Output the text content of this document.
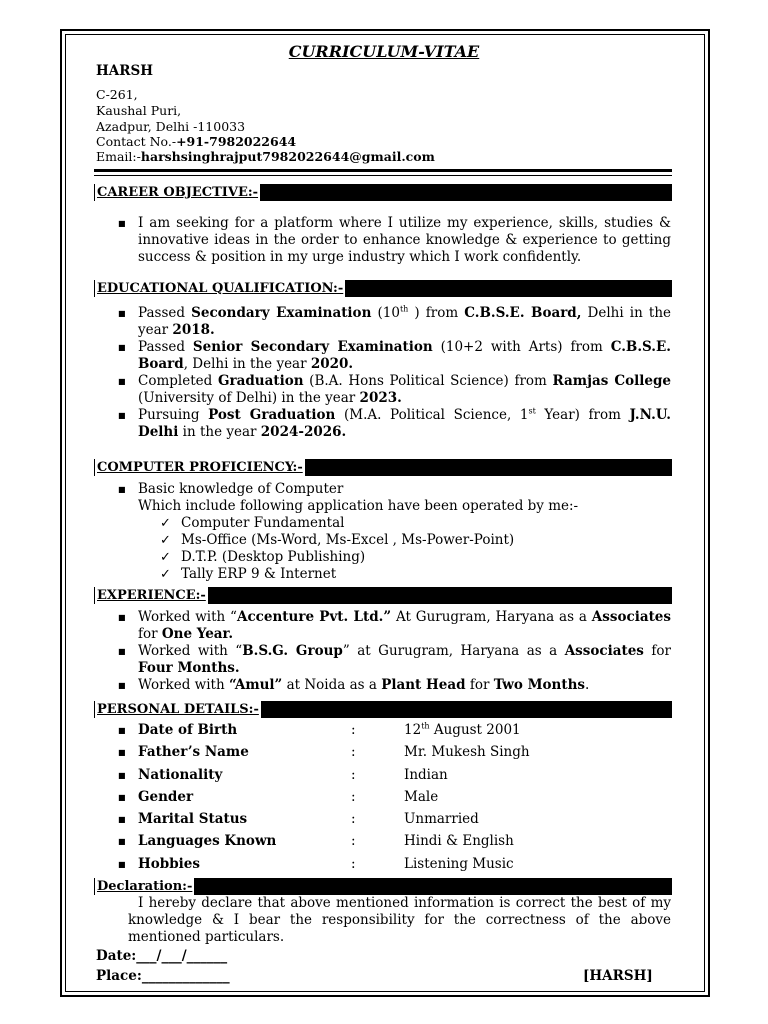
CURRICULUM-VITAE
HARSH
C-261,
Kaushal Puri,
Azadpur, Delhi -110033
Contact No.-+91-7982022644
Email:-harshsinghrajput7982022644@gmail.com
CAREER OBJECTIVE:-
■ I am seeking for a platform where I utilize my experience, skills, studies & innovative ideas in the order to enhance knowledge & experience to getting success & position in my urge industry which I work confidently.
EDUCATIONAL QUALIFICATION:-
■ Passed Secondary Examination (10th ) from C.B.S.E. Board, Delhi in the year 2018.
■ Passed Senior Secondary Examination (10+2 with Arts) from C.B.S.E. Board, Delhi in the year 2020.
■ Completed Graduation (B.A. Hons Political Science) from Ramjas College (University of Delhi) in the year 2023.
■ Pursuing Post Graduation (M.A. Political Science, 1st Year) from J.N.U. Delhi in the year 2024-2026.
COMPUTER PROFICIENCY:-
■ Basic knowledge of Computer
Which include following application have been operated by me:-
✓ Computer Fundamental
✓ Ms-Office (Ms-Word, Ms-Excel , Ms-Power-Point)
✓ D.T.P. (Desktop Publishing)
✓ Tally ERP 9 & Internet
EXPERIENCE:-
■ Worked with “Accenture Pvt. Ltd.” At Gurugram, Haryana as a Associates for One Year.
■ Worked with “B.S.G. Group” at Gurugram, Haryana as a Associates for Four Months.
■ Worked with “Amul” at Noida as a Plant Head for Two Months.
PERSONAL DETAILS:-
■ Date of Birth	:	12th August 2001
■ Father’s Name	:	Mr. Mukesh Singh
■ Nationality	:	Indian
■ Gender	:	Male
■ Marital Status	:	Unmarried
■ Languages Known	:	Hindi & English
■ Hobbies	:	Listening Music
Declaration:-
I hereby declare that above mentioned information is correct the best of my knowledge & I bear the responsibility for the correctness of the above mentioned particulars.
Date:___/___/______
Place:_____________	[HARSH]
